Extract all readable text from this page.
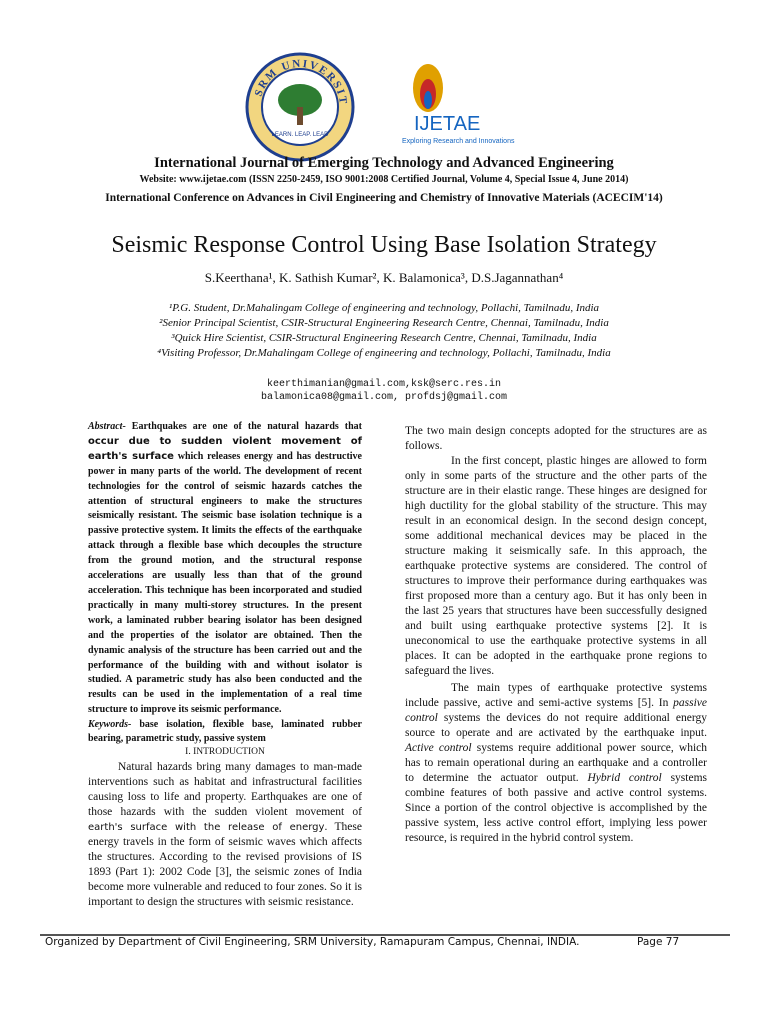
SRM UNIVERSIT
LEARN. LEAP. LEAD	IJETAE
Exploring Research and Innovations
International Journal of Emerging Technology and Advanced Engineering
Website: www.ijetae.com (ISSN 2250-2459, ISO 9001:2008 Certified Journal, Volume 4, Special Issue 4, June 2014)
International Conference on Advances in Civil Engineering and Chemistry of Innovative Materials (ACECIM'14)
Seismic Response Control Using Base Isolation Strategy
S.Keerthana¹, K. Sathish Kumar², K. Balamonica³, D.S.Jagannathan⁴
¹P.G. Student, Dr.Mahalingam College of engineering and technology, Pollachi, Tamilnadu, India
²Senior Principal Scientist, CSIR-Structural Engineering Research Centre, Chennai, Tamilnadu, India
³Quick Hire Scientist, CSIR-Structural Engineering Research Centre, Chennai, Tamilnadu, India
⁴Visiting Professor, Dr.Mahalingam College of engineering and technology, Pollachi, Tamilnadu, India
keerthimanian@gmail.com,ksk@serc.res.in
balamonica08@gmail.com, profdsj@gmail.com

Abstract- Earthquakes are one of the natural hazards that occur due to sudden violent movement of earth's surface which releases energy and has destructive power in many parts of the world. The development of recent technologies for the control of seismic hazards catches the attention of structural engineers to make the structures seismically resistant. The seismic base isolation technique is a passive protective system. It limits the effects of the earthquake attack through a flexible base which decouples the structure from the ground motion, and the structural response accelerations are usually less than that of the ground acceleration. This technique has been incorporated and studied practically in many multi-storey structures. In the present work, a laminated rubber bearing isolator has been designed and the properties of the isolator are obtained. Then the dynamic analysis of the structure has been carried out and the performance of the building with and without isolator is studied. A parametric study has also been conducted and the results can be used in the implementation of a real time structure to improve its seismic performance.

Keywords- base isolation, flexible base, laminated rubber bearing, parametric study, passive system

I. INTRODUCTION

Natural hazards bring many damages to man-made interventions such as habitat and infrastructural facilities causing loss to life and property. Earthquakes are one of those hazards with the sudden violent movement of earth's surface with the release of energy. These energy travels in the form of seismic waves which affects the structures. According to the revised provisions of IS 1893 (Part 1): 2002 Code [3], the seismic zones of India become more vulnerable and reduced to four zones. So it is important to design the structures with seismic resistance.

The two main design concepts adopted for the structures are as follows.

In the first concept, plastic hinges are allowed to form only in some parts of the structure and the other parts of the structure are in their elastic range. These hinges are designed for high ductility for the global stability of the structure. This may result in an economical design. In the second design concept, some additional mechanical devices may be placed in the structure making it seismically safe. In this approach, the earthquake protective systems are considered. The control of structures to improve their performance during earthquakes was first proposed more than a century ago. But it has only been in the last 25 years that structures have been successfully designed and built using earthquake protective systems [2]. It is uneconomical to use the earthquake protective systems in all places. It can be adopted in the earthquake prone regions to safeguard the lives.

The main types of earthquake protective systems include passive, active and semi-active systems [5]. In passive control systems the devices do not require additional energy source to operate and are activated by the earthquake input. Active control systems require additional power source, which has to remain operational during an earthquake and a controller to determine the actuator output. Hybrid control systems combine features of both passive and active control systems. Since a portion of the control objective is accomplished by the passive system, less active control effort, implying less power resource, is required in the hybrid control system.

Organized by Department of Civil Engineering, SRM University, Ramapuram Campus, Chennai, INDIA.	Page 77
